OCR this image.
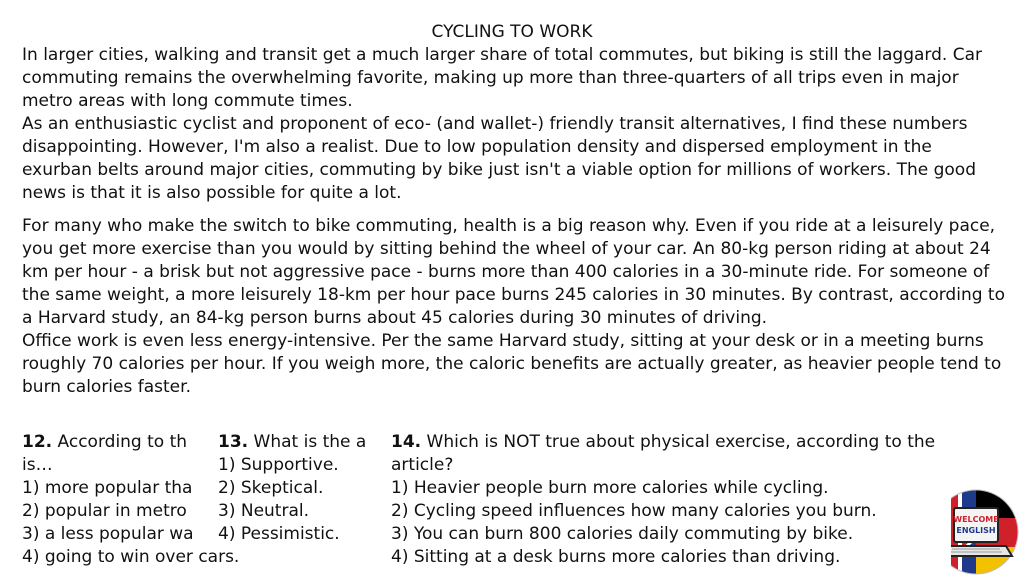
CYCLING TO WORK

In larger cities, walking and transit get a much larger share of total commutes, but biking is still the laggard. Car commuting remains the overwhelming favorite, making up more than three-quarters of all trips even in major metro areas with long commute times.

As an enthusiastic cyclist and proponent of eco- (and wallet-) friendly transit alternatives, I find these numbers disappointing. However, I'm also a realist. Due to low population density and dispersed employment in the exurban belts around major cities, commuting by bike just isn't a viable option for millions of workers. The good news is that it is also possible for quite a lot.

For many who make the switch to bike commuting, health is a big reason why. Even if you ride at a leisurely pace, you get more exercise than you would by sitting behind the wheel of your car. An 80-kg person riding at about 24 km per hour - a brisk but not aggressive pace - burns more than 400 calories in a 30-minute ride. For someone of the same weight, a more leisurely 18-km per hour pace burns 245 calories in 30 minutes. By contrast, according to a Harvard study, an 84-kg person burns about 45 calories during 30 minutes of driving.

Office work is even less energy-intensive. Per the same Harvard study, sitting at your desk or in a meeting burns roughly 70 calories per hour. If you weigh more, the caloric benefits are actually greater, as heavier people tend to burn calories faster.

12. According to th
is…
1) more popular tha
2) popular in metro
3) a less popular wa
4) going to win over cars.
13. What is the a
1) Supportive.
2) Skeptical.
3) Neutral.
4) Pessimistic.
14. Which is NOT true about physical exercise, according to the article?
1) Heavier people burn more calories while cycling.
2) Cycling speed influences how many calories you burn.
3) You can burn 800 calories daily commuting by bike.
4) Sitting at a desk burns more calories than driving.
WELCOME
ENGLISH
